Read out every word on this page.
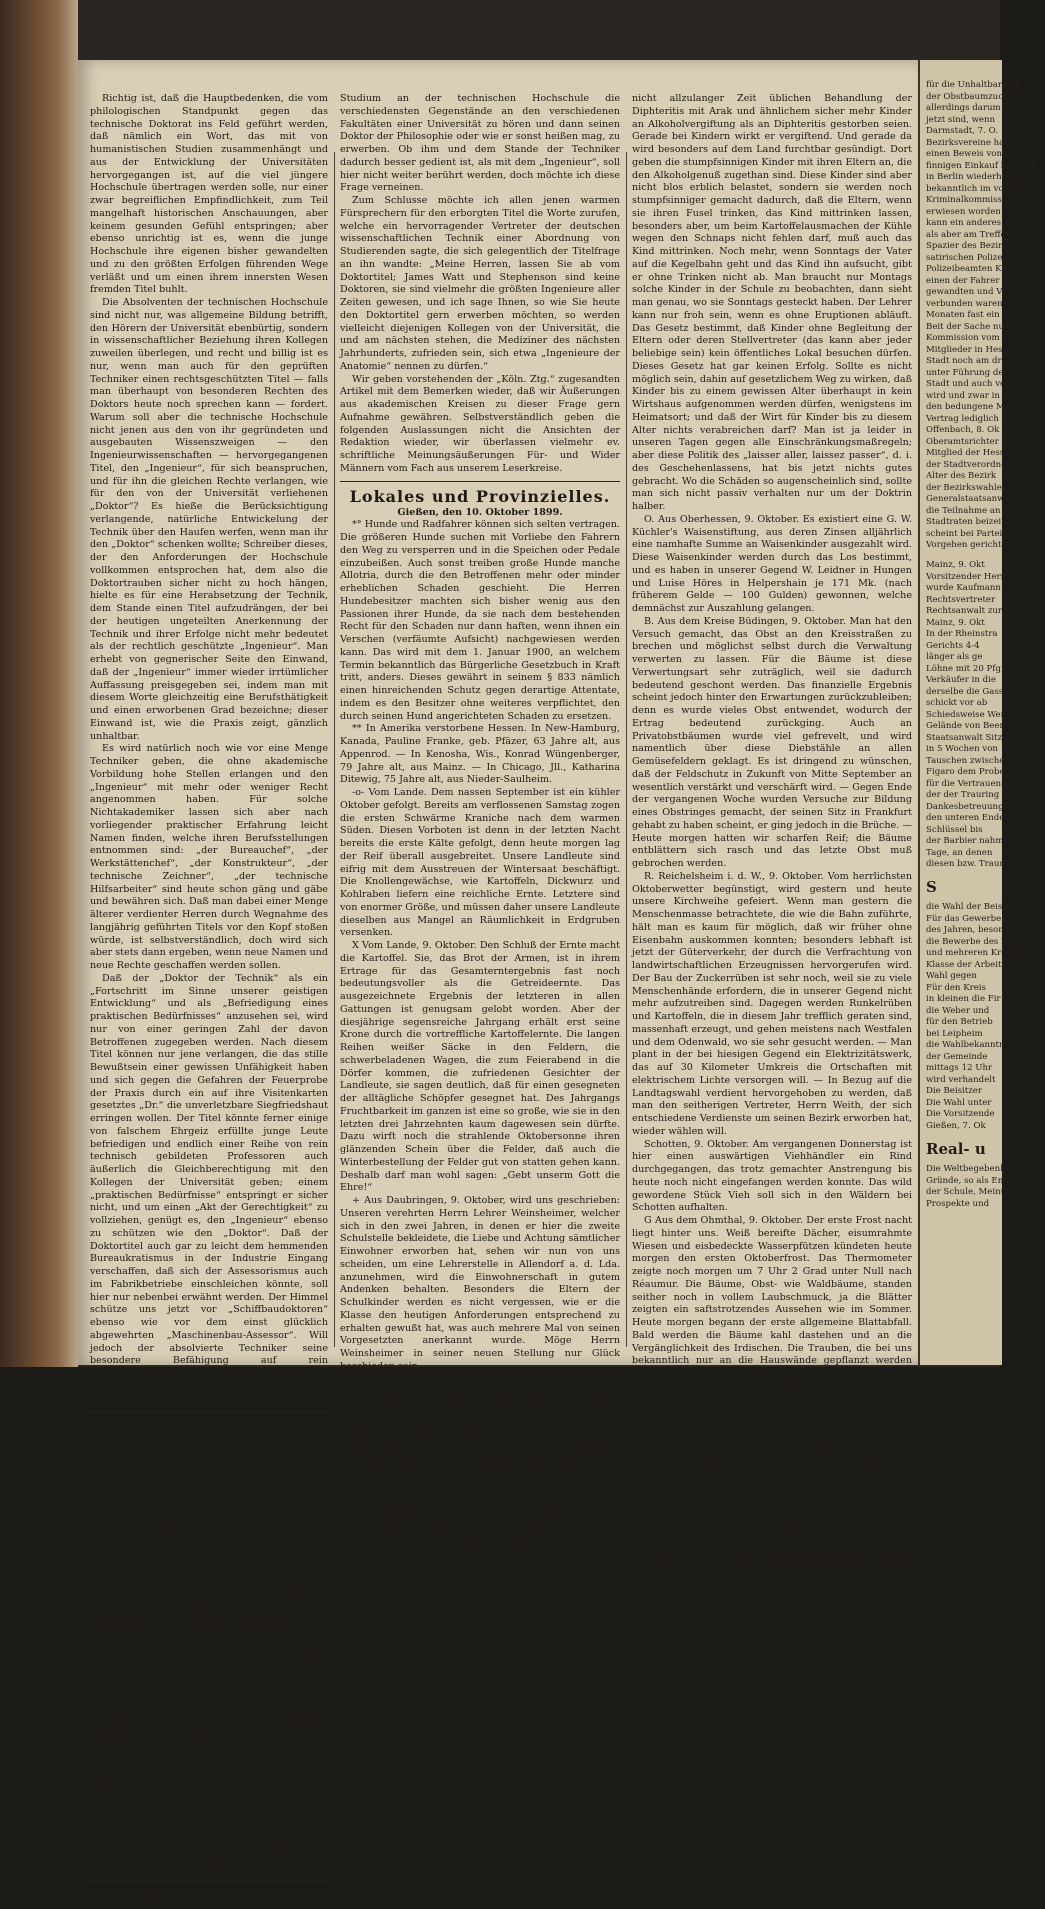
Richtig ist, daß die Hauptbedenken, die vom philologischen Standpunkt gegen das technische Doktorat ins Feld geführt werden, daß nämlich ein Wort, das mit von humanistischen Studien zusammenhängt und aus der Entwicklung der Universitäten hervorgegangen ist, auf die viel jüngere Hochschule übertragen werden solle, nur einer zwar begreiflichen Empfindlichkeit, zum Teil mangelhaft historischen Anschauungen, aber keinem gesunden Gefühl entspringen; aber ebenso unrichtig ist es, wenn die junge Hochschule ihre eigenen bisher gewandelten und zu den größten Erfolgen führenden Wege verläßt und um einen ihrem innersten Wesen fremden Titel buhlt.

Die Absolventen der technischen Hochschule sind nicht nur, was allgemeine Bildung betrifft, den Hörern der Universität ebenbürtig, sondern in wissenschaftlicher Beziehung ihren Kollegen zuweilen überlegen, und recht und billig ist es nur, wenn man auch für den geprüften Techniker einen rechtsgeschützten Titel — falls man überhaupt von besonderen Rechten des Doktors heute noch sprechen kann — fordert. Warum soll aber die technische Hochschule nicht jenen aus den von ihr gegründeten und ausgebauten Wissenszweigen — den Ingenieurwissenschaften — hervorgegangenen Titel, den „Ingenieur“, für sich beanspruchen, und für ihn die gleichen Rechte verlangen, wie für den von der Universität verliehenen „Doktor“? Es hieße die Berücksichtigung verlangende, natürliche Entwickelung der Technik über den Haufen werfen, wenn man ihr den „Doktor“ schenken wollte; Schreiber dieses, der den Anforderungen der Hochschule vollkommen entsprochen hat, dem also die Doktortrauben sicher nicht zu hoch hängen, hielte es für eine Herabsetzung der Technik, dem Stande einen Titel aufzudrängen, der bei der heutigen ungeteilten Anerkennung der Technik und ihrer Erfolge nicht mehr bedeutet als der rechtlich geschützte „Ingenieur“. Man erhebt von gegnerischer Seite den Einwand, daß der „Ingenieur“ immer wieder irrtümlicher Auffassung preisgegeben sei, indem man mit diesem Worte gleichzeitig eine Berufsthätigkeit und einen erworbenen Grad bezeichne; dieser Einwand ist, wie die Praxis zeigt, gänzlich unhaltbar.

Es wird natürlich noch wie vor eine Menge Techniker geben, die ohne akademische Vorbildung hohe Stellen erlangen und den „Ingenieur“ mit mehr oder weniger Recht angenommen haben. Für solche Nichtakademiker lassen sich aber nach vorliegender praktischer Erfahrung leicht Namen finden, welche ihren Berufsstellungen entnommen sind: „der Bureauchef“, „der Werkstättenchef“, „der Konstrukteur“, „der technische Zeichner“, „der technische Hilfsarbeiter“ sind heute schon gäng und gäbe und bewähren sich. Daß man dabei einer Menge älterer verdienter Herren durch Wegnahme des langjährig geführten Titels vor den Kopf stoßen würde, ist selbstverständlich, doch wird sich aber stets dann ergeben, wenn neue Namen und neue Rechte geschaffen werden sollen.

Daß der „Doktor der Technik“ als ein „Fortschritt im Sinne unserer geistigen Entwicklung“ und als „Befriedigung eines praktischen Bedürfnisses“ anzusehen sei, wird nur von einer geringen Zahl der davon Betroffenen zugegeben werden. Nach diesem Titel können nur jene verlangen, die das stille Bewußtsein einer gewissen Unfähigkeit haben und sich gegen die Gefahren der Feuerprobe der Praxis durch ein auf ihre Visitenkarten gesetztes „Dr.“ die unverletzbare Siegfriedshaut erringen wollen. Der Titel könnte ferner einige von falschem Ehrgeiz erfüllte junge Leute befriedigen und endlich einer Reihe von rein technisch gebildeten Professoren auch äußerlich die Gleichberechtigung mit den Kollegen der Universität geben; einem „praktischen Bedürfnisse“ entspringt er sicher nicht, und um einen „Akt der Gerechtigkeit“ zu vollziehen, genügt es, den „Ingenieur“ ebenso zu schützen wie den „Doktor“. Daß der Doktortitel auch gar zu leicht dem hemmenden Bureaukratismus in der Industrie Eingang verschaffen, daß sich der Assessorismus auch im Fabrikbetriebe einschleichen könnte, soll hier nur nebenbei erwähnt werden. Der Himmel schütze uns jetzt vor „Schiffbaudoktoren“ ebenso wie vor dem einst glücklich abgewehrten „Maschinenbau-Assessor“. Will jedoch der absolvierte Techniker seine besondere Befähigung auf rein wissenschaftlichem Gebiete nachgewiesen bekommen, so hindert ihn nichts, nach vollendetem

bei jeder passenden Gelegenheit und zumal wenn der Zar fie um ihren Rat befragt, zur Milde rät. Sie hat dadurch für Rußland schon viel gutes gethan, manchen, der so tief gefallen war, nicht vergessen, daß er nicht einst ihr Freund gewesen, ihr Leben. So wurde vor einiger Zeit der Cornet Volkow vom Wosnezenski'schen Dragonerregiment zum Verluste sämtlicher Rechte, Degradierung und Ansiedelung in Sibirien verurteilt, weil er seinen Vorgesetzten, den Leutnant Michailow, getötet hatte. Eine Liebesaffaire war der Grund. Als die Zarin von dem Geschicke des jungen Offiziers erfuhr, bat sie den Zaren, ihm die Strafe zu mildern, worauf Nikolaus II. nicht säumte, den Cornet zu acht Monaten Festungshaft und fünfjährigem Avancementsverlust zu begnadigen.

Leider sollen sich, nach der Mitteilung eines Kenners des Lebens am russischen Hofe,*) in neuerer Zeit Differenzen ungeahnt geltend machen, welche dahin zielen, das Verhältnis, das zwischen Nikolaus II. und seiner Gemahlin besteht, zu trüben. Die liberalen, von Alexandra Feodorowna geteilten und begünstigten Tendenzen des jungen Kaisers sind der Pobjedonoszew'schen Klique ein Dorn im Auge. Aber der Einfluß, den die Kaiserin auf ihren Gemahl thatsächlich ausübt, ist ein starkes Hindernis für die nicht rastende Maulwurfsarbeit der Pobjedonoszew'schen Klique.

Um so wird es Kaiserin Alexandra Feodorowna vergönnt sein, an der Seite ihres Gemahls noch recht lange als weitblickende Landes- und zärtliche Familienmutter zu walten.

*) Zar Nikolaus II. und sein Hof von L. v. Dyboroff (Verlag Buchhardt-Berlin und Leipzig).

Studium an der technischen Hochschule die verschiedensten Gegenstände an den verschiedenen Fakultäten einer Universität zu hören und dann seinen Doktor der Philosophie oder wie er sonst heißen mag, zu erwerben. Ob ihm und dem Stande der Techniker dadurch besser gedient ist, als mit dem „Ingenieur“, soll hier nicht weiter berührt werden, doch möchte ich diese Frage verneinen.

Zum Schlusse möchte ich allen jenen warmen Fürsprechern für den erborgten Titel die Worte zurufen, welche ein hervorragender Vertreter der deutschen wissenschaftlichen Technik einer Abordnung von Studierenden sagte, die sich gelegentlich der Titelfrage an ihn wandte: „Meine Herren, lassen Sie ab vom Doktortitel; James Watt und Stephenson sind keine Doktoren, sie sind vielmehr die größten Ingenieure aller Zeiten gewesen, und ich sage Ihnen, so wie Sie heute den Doktortitel gern erwerben möchten, so werden vielleicht diejenigen Kollegen von der Universität, die und am nächsten stehen, die Mediziner des nächsten Jahrhunderts, zufrieden sein, sich etwa „Ingenieure der Anatomie“ nennen zu dürfen.“

Wir geben vorstehenden der „Köln. Ztg.“ zugesandten Artikel mit dem Bemerken wieder, daß wir Äußerungen aus akademischen Kreisen zu dieser Frage gern Aufnahme gewähren. Selbstverständlich geben die folgenden Auslassungen nicht die Ansichten der Redaktion wieder, wir überlassen vielmehr ev. schriftliche Meinungsäußerungen Für- und Wider Männern vom Fach aus unserem Leserkreise.

Lokales und Provinzielles.

Gießen, den 10. Oktober 1899.

*° Hunde und Radfahrer können sich selten vertragen. Die größeren Hunde suchen mit Vorliebe den Fahrern den Weg zu versperren und in die Speichen oder Pedale einzubeißen. Auch sonst treiben große Hunde manche Allotria, durch die den Betroffenen mehr oder minder erheblichen Schaden geschieht. Die Herren Hundebesitzer machten sich bisher wenig aus den Passionen ihrer Hunde, da sie nach dem bestehenden Recht für den Schaden nur dann haften, wenn ihnen ein Verschen (verfäumte Aufsicht) nachgewiesen werden kann. Das wird mit dem 1. Januar 1900, an welchem Termin bekanntlich das Bürgerliche Gesetzbuch in Kraft tritt, anders. Dieses gewährt in seinem § 833 nämlich einen hinreichenden Schutz gegen derartige Attentate, indem es den Besitzer ohne weiteres verpflichtet, den durch seinen Hund angerichteten Schaden zu ersetzen.

** In Amerika verstorbene Hessen. In New-Hamburg, Kanada, Pauline Franke, geb. Pfäzer, 63 Jahre alt, aus Appenrod. — In Kenosha, Wis., Konrad Wüngenberger, 79 Jahre alt, aus Mainz. — In Chicago, Jll., Katharina Ditewig, 75 Jahre alt, aus Nieder-Saulheim.

-o- Vom Lande. Dem nassen September ist ein kühler Oktober gefolgt. Bereits am verflossenen Samstag zogen die ersten Schwärme Kraniche nach dem warmen Süden. Diesen Vorboten ist denn in der letzten Nacht bereits die erste Kälte gefolgt, denn heute morgen lag der Reif überall ausgebreitet. Unsere Landleute sind eifrig mit dem Ausstreuen der Wintersaat beschäftigt. Die Knollengewächse, wie Kartoffeln, Dickwurz und Kohlraben liefern eine reichliche Ernte. Letztere sind von enormer Größe, und müssen daher unsere Landleute dieselben aus Mangel an Räumlichkeit in Erdgruben versenken.

X Vom Lande, 9. Oktober. Den Schluß der Ernte macht die Kartoffel. Sie, das Brot der Armen, ist in ihrem Ertrage für das Gesamterntergebnis fast noch bedeutungsvoller als die Getreideernte. Das ausgezeichnete Ergebnis der letzteren in allen Gattungen ist genugsam gelobt worden. Aber der diesjährige segensreiche Jahrgang erhält erst seine Krone durch die vortreffliche Kartoffelernte. Die langen Reihen weißer Säcke in den Feldern, die schwerbeladenen Wagen, die zum Feierabend in die Dörfer kommen, die zufriedenen Gesichter der Landleute, sie sagen deutlich, daß für einen gesegneten der alltägliche Schöpfer gesegnet hat. Des Jahrgangs Fruchtbarkeit im ganzen ist eine so große, wie sie in den letzten drei Jahrzehnten kaum dagewesen sein dürfte. Dazu wirft noch die strahlende Oktobersonne ihren glänzenden Schein über die Felder, daß auch die Winterbestellung der Felder gut von statten gehen kann. Deshalb darf man wohl sagen: „Gebt unserm Gott die Ehre!“

+ Aus Daubringen, 9. Oktober, wird uns geschrieben: Unseren verehrten Herrn Lehrer Weinsheimer, welcher sich in den zwei Jahren, in denen er hier die zweite Schulstelle bekleidete, die Liebe und Achtung sämtlicher Einwohner erworben hat, sehen wir nun von uns scheiden, um eine Lehrerstelle in Allendorf a. d. Lda. anzunehmen, wird die Einwohnerschaft in gutem Andenken behalten. Besonders die Eltern der Schulkinder werden es nicht vergessen, wie er die Klasse den heutigen Anforderungen entsprechend zu erhalten gewußt hat, was auch mehrere Mal von seinen Vorgesetzten anerkannt wurde. Möge Herrn Weinsheimer in seiner neuen Stellung nur Glück beschieden sein.

Δ Aus Oberhessen, im Oktober. Es ist allgemein bekannt und auch von jedem Unbefangenen anerkannt, welch' gefährlicher Feind der Volkswohlfahrt der Alkohol ist. Wieviel Existenzen in einem einzigen Jahre ihm zum Opfer fallen, wieviel unglückliche Familienverhältnisse auf ihn zurückzuführen sind — wer kann es ausdenken? Genug, daß sich im „Verein vom blauen Kreuz“ Männer zu seiner Bekämpfung zusammengethan haben; daß sogar die Ärzte unter sich einen Verein ins Leben gerufen haben, um dem verderblichen Einfluß des Alkohols entgegenzutreten. Ist es doch offenkundig, daß zu Krankheiten der Atmungsorgane Erkrankte im vorgerückten Lebensalter dann die Krankheit leichter überstehen, wenn sie sogen. Abstinenzler sind! Wird doch jetzt gerade heraus behauptet, daß die bei vor noch

nicht allzulanger Zeit üblichen Behandlung der Diphteritis mit Arak und ähnlichem sicher mehr Kinder an Alkoholvergiftung als an Diphteritis gestorben seien. Gerade bei Kindern wirkt er vergiftend. Und gerade da wird besonders auf dem Land furchtbar gesündigt. Dort geben die stumpfsinnigen Kinder mit ihren Eltern an, die den Alkoholgenuß zugethan sind. Diese Kinder sind aber nicht blos erblich belastet, sondern sie werden noch stumpfsinniger gemacht dadurch, daß die Eltern, wenn sie ihren Fusel trinken, das Kind mittrinken lassen, besonders aber, um beim Kartoffelausmachen der Kühle wegen den Schnaps nicht fehlen darf, muß auch das Kind mittrinken. Noch mehr, wenn Sonntags der Vater auf die Kegelbahn geht und das Kind ihn aufsucht, gibt er ohne Trinken nicht ab. Man braucht nur Montags solche Kinder in der Schule zu beobachten, dann sieht man genau, wo sie Sonntags gesteckt haben. Der Lehrer kann nur froh sein, wenn es ohne Eruptionen abläuft. Das Gesetz bestimmt, daß Kinder ohne Begleitung der Eltern oder deren Stellvertreter (das kann aber jeder beliebige sein) kein öffentliches Lokal besuchen dürfen. Dieses Gesetz hat gar keinen Erfolg. Sollte es nicht möglich sein, dahin auf gesetzlichem Weg zu wirken, daß Kinder bis zu einem gewissen Alter überhaupt in kein Wirtshaus aufgenommen werden dürfen, wenigstens im Heimatsort; und daß der Wirt für Kinder bis zu diesem Alter nichts verabreichen darf? Man ist ja leider in unseren Tagen gegen alle Einschränkungsmaßregeln; aber diese Politik des „laisser aller, laissez passer“, d. i. des Geschehenlassens, hat bis jetzt nichts gutes gebracht. Wo die Schäden so augenscheinlich sind, sollte man sich nicht passiv verhalten nur um der Doktrin halber.

O. Aus Oberhessen, 9. Oktober. Es existiert eine G. W. Küchler's Waisenstiftung, aus deren Zinsen alljährlich eine namhafte Summe an Waisenkinder ausgezahlt wird. Diese Waisenkinder werden durch das Los bestimmt, und es haben in unserer Gegend W. Leidner in Hungen und Luise Höres in Helpershain je 171 Mk. (nach früherem Gelde — 100 Gulden) gewonnen, welche demnächst zur Auszahlung gelangen.

B. Aus dem Kreise Büdingen, 9. Oktober. Man hat den Versuch gemacht, das Obst an den Kreisstraßen zu brechen und möglichst selbst durch die Verwaltung verwerten zu lassen. Für die Bäume ist diese Verwertungsart sehr zuträglich, weil sie dadurch bedeutend geschont werden. Das finanzielle Ergebnis scheint jedoch hinter den Erwartungen zurückzubleiben; denn es wurde vieles Obst entwendet, wodurch der Ertrag bedeutend zurückging. Auch an Privatobstbäumen wurde viel gefrevelt, und wird namentlich über diese Diebstähle an allen Gemüsefeldern geklagt. Es ist dringend zu wünschen, daß der Feldschutz in Zukunft von Mitte September an wesentlich verstärkt und verschärft wird. — Gegen Ende der vergangenen Woche wurden Versuche zur Bildung eines Obstringes gemacht, der seinen Sitz in Frankfurt gehabt zu haben scheint, er ging jedoch in die Brüche. — Heute morgen hatten wir scharfen Reif; die Bäume entblättern sich rasch und das letzte Obst muß gebrochen werden.

R. Reichelsheim i. d. W., 9. Oktober. Vom herrlichsten Oktoberwetter begünstigt, wird gestern und heute unsere Kirchweihe gefeiert. Wenn man gestern die Menschenmasse betrachtete, die wie die Bahn zuführte, hält man es kaum für möglich, daß wir früher ohne Eisenbahn auskommen konnten; besonders lebhaft ist jetzt der Güterverkehr, der durch die Verfrachtung von landwirtschaftlichen Erzeugnissen hervorgerufen wird. Der Bau der Zuckerrüben ist sehr noch, weil sie zu viele Menschenhände erfordern, die in unserer Gegend nicht mehr aufzutreiben sind. Dagegen werden Runkelrüben und Kartoffeln, die in diesem Jahr trefflich geraten sind, massenhaft erzeugt, und gehen meistens nach Westfalen und dem Odenwald, wo sie sehr gesucht werden. — Man plant in der bei hiesigen Gegend ein Elektrizitätswerk, das auf 30 Kilometer Umkreis die Ortschaften mit elektrischem Lichte versorgen will. — In Bezug auf die Landtagswahl verdient hervorgehoben zu werden, daß man den seitherigen Vertreter, Herrn Weith, der sich entschiedene Verdienste um seinen Bezirk erworben hat, wieder wählen will.

Schotten, 9. Oktober. Am vergangenen Donnerstag ist hier einen auswärtigen Viehhändler ein Rind durchgegangen, das trotz gemachter Anstrengung bis heute noch nicht eingefangen werden konnte. Das wild gewordene Stück Vieh soll sich in den Wäldern bei Schotten aufhalten.

G Aus dem Ohmthal, 9. Oktober. Der erste Frost nacht liegt hinter uns. Weiß bereifte Dächer, eisumrahmte Wiesen und eisbedeckte Wasserpfützen kündeten heute morgen den ersten Oktoberfrost. Das Thermometer zeigte noch morgen um 7 Uhr 2 Grad unter Null nach Réaumur. Die Bäume, Obst- wie Waldbäume, standen seither noch in vollem Laubschmuck, ja die Blätter zeigten ein saftstrotzendes Aussehen wie im Sommer. Heute morgen begann der erste allgemeine Blattabfall. Bald werden die Bäume kahl dastehen und an die Vergänglichkeit des Irdischen. Die Trauben, die bei uns bekanntlich nur an die Hauswände gepflanzt werden können, scheinen reif nicht werden zu wollen; sie sehen noch meist ganz grün aus, während sie der Zeit nach blau sein sollten. Sie werden wohl fast ganz verderben müssen. Die Obsternte ist vorüber. Sie ist im allgemeinen recht zufriedenstellend gewesen. Sie hat wieder für den Landmann gezeigt, welchen großen Wert es hat, der Obstbaumzucht und Obstbaumpflege die größte Aufmerksamkeit ein klein wenig zu widmen. Wie fast immer, so ist auch in diesem Herbste der Obstsegen kein allgemeiner. Die eine Gemarkung hat volle Obstbeträge, die andere weniger, leer aber gibt wohl keine aus. Daß überhaupt das Obst in die Obstmarkt jetzt bin ist die Glaube verbreitet, in dem oberen Ohmthal, was ist im Vogelsberg, wächst kein Obst. Wenn wir sagen, daß in Unter-Seibertenrod in einem Garten fast bis zu 100 Körbe voll Aepfel geerntet werden konnten, so ist das der beste Beweis

für die Unhaltbarkeit
der Obstbaumzucht in
allerdings darum
jetzt sind, wenn
Darmstadt, 7. O.
Bezirksvereine haben
einen Beweis von einer
finnigen Einkauf kriminal
in Berlin wiederholt
bekanntlich im vorigen
Kriminalkommissar
erwiesen worden
kann ein anderes
als aber am Treffen
Spazier des Bezirks
satirischen Polizei
Polizeibeamten Kaufe
einen der Fahrer
gewandten und Verbrecher
verbunden waren. Es
Monaten fast ein
Beit der Sache nun
Kommission vom Gener
Mitglieder in Hessen
Stadt noch am drei
unter Führung des
Stadt und auch ver
wird und zwar in
den bedungene Marie
Vertrag lediglich zur
Offenbach, 8. Ok
Oberamtsrichter Ei
Mitglied der Hess
der Stadtverordnete
Alter des Bezirk
der Bezirkswahlen
Generalstaatsanwalt
die Teilnahme an
Stadtraten beizeiten
scheint bei Parteien
Vorgehen gerichtet
Mainz, 9. Okt
Vorsitzender Herrn
wurde Kaufmann
Rechtsvertreter
Rechtsanwalt zur
Mainz, 9. Okt
In der Rheinstra
Gerichts 4-4
länger als ge
Löhne mit 20 Pfg.
Verkäufer in die
derselbe die Gasse
schickt vor ab
Schiedsweise Wer
Gelände von Beer
Staatsanwalt Sitz
in 5 Wochen von
Tauschen zwischen
Figaro dem Probe
für die Vertrauens
der der Trauring
Dankesbetreuung
den unteren Ende
Schlüssel bis
der Barbier nahm
Tage, an denen
diesen bzw. Trauring
S
die Wahl der Beisitzer
Für das Gewerbe
des Jahren, besonders
die Bewerbe des Zu
und mehreren Kreisen
Klasse der Arbeiter
Wahl gegen
Für den Kreis
in kleinen die Fir
die Weber und
für den Betrieb
bei Leipheim
die Wahlbekanntm
der Gemeinde
mittags 12 Uhr
wird verhandelt
Die Beisitzer
Die Wahl unter
Die Vorsitzende
Gießen, 7. Ok
Real- u
Die Weltbegebenheit
Gründe, so als Ende
der Schule, Meinung
Prospekte und
